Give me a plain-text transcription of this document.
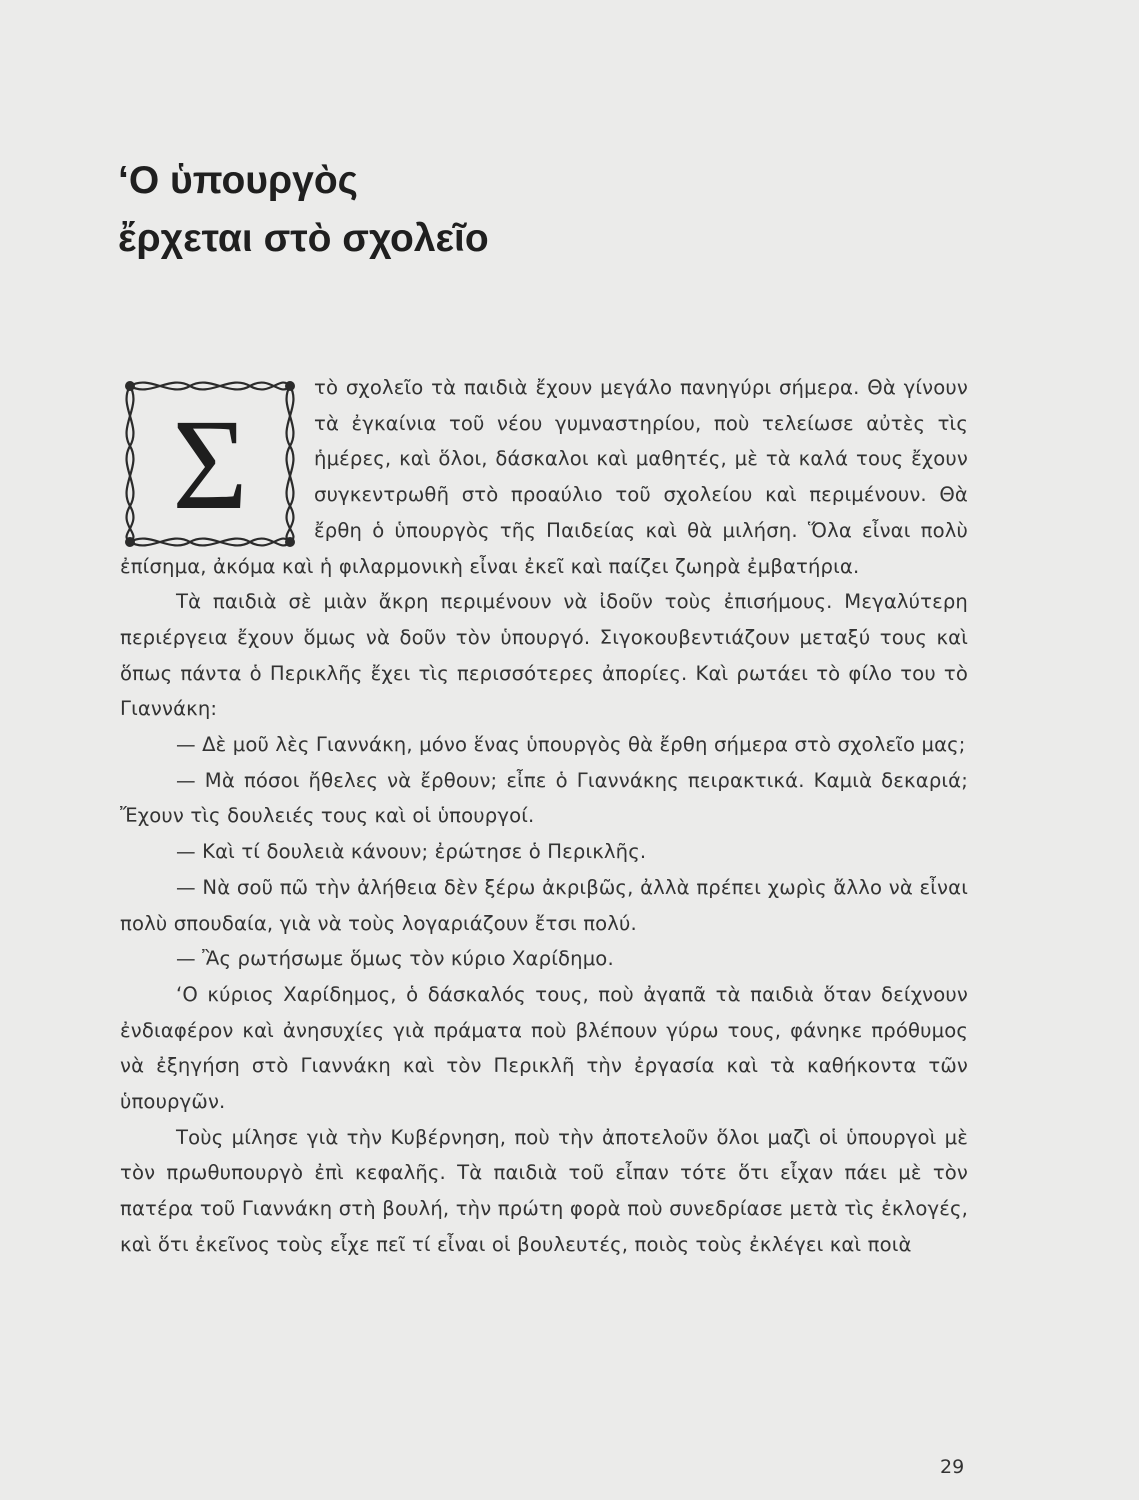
‘Ο ὑπουργὸς
ἔρχεται στὸ σχολεῖο
Σ

τὸ σχολεῖο τὰ παιδιὰ ἔχουν μεγάλο πανηγύρι σήμερα. Θὰ γίνουν τὰ ἐγκαίνια τοῦ νέου γυμναστηρίου, ποὺ τελείωσε αὐτὲς τὶς ἡμέρες, καὶ ὅλοι, δάσκαλοι καὶ μαθητές, μὲ τὰ καλά τους ἔχουν συγκεντρωθῆ στὸ προαύλιο τοῦ σχολείου καὶ περιμένουν. Θὰ ἔρθη ὁ ὑπουργὸς τῆς Παιδείας καὶ θὰ μιλήση. Ὅλα εἶναι πολὺ ἐπίσημα, ἀκόμα καὶ ἡ φιλαρμονικὴ εἶναι ἐκεῖ καὶ παίζει ζωηρὰ ἐμβατήρια.

Τὰ παιδιὰ σὲ μιὰν ἄκρη περιμένουν νὰ ἰδοῦν τοὺς ἐπισήμους. Μεγαλύτερη περιέργεια ἔχουν ὅμως νὰ δοῦν τὸν ὑπουργό. Σιγοκουβεντιάζουν μεταξύ τους καὶ ὅπως πάντα ὁ Περικλῆς ἔχει τὶς περισσότερες ἀπορίες. Καὶ ρωτάει τὸ φίλο του τὸ Γιαννάκη:

— Δὲ μοῦ λὲς Γιαννάκη, μόνο ἕνας ὑπουργὸς θὰ ἔρθη σήμερα στὸ σχολεῖο μας;

— Μὰ πόσοι ἤθελες νὰ ἔρθουν; εἶπε ὁ Γιαννάκης πειρακτικά. Καμιὰ δεκαριά; Ἔχουν τὶς δουλειές τους καὶ οἱ ὑπουργοί.

— Καὶ τί δουλειὰ κάνουν; ἐρώτησε ὁ Περικλῆς.

— Νὰ σοῦ πῶ τὴν ἀλήθεια δὲν ξέρω ἀκριβῶς, ἀλλὰ πρέπει χωρὶς ἄλλο νὰ εἶναι πολὺ σπουδαία, γιὰ νὰ τοὺς λογαριάζουν ἔτσι πολύ.

— Ἂς ρωτήσωμε ὅμως τὸν κύριο Χαρίδημο.

‘Ο κύριος Χαρίδημος, ὁ δάσκαλός τους, ποὺ ἀγαπᾶ τὰ παιδιὰ ὅταν δείχνουν ἐνδιαφέρον καὶ ἀνησυχίες γιὰ πράματα ποὺ βλέπουν γύρω τους, φάνηκε πρόθυμος νὰ ἐξηγήση στὸ Γιαννάκη καὶ τὸν Περικλῆ τὴν ἐργασία καὶ τὰ καθήκοντα τῶν ὑπουργῶν.

Τοὺς μίλησε γιὰ τὴν Κυβέρνηση, ποὺ τὴν ἀποτελοῦν ὅλοι μαζὶ οἱ ὑπουργοὶ μὲ τὸν πρωθυπουργὸ ἐπὶ κεφαλῆς. Τὰ παιδιὰ τοῦ εἶπαν τότε ὅτι εἶχαν πάει μὲ τὸν πατέρα τοῦ Γιαννάκη στὴ βουλή, τὴν πρώτη φορὰ ποὺ συνεδρίασε μετὰ τὶς ἐκλογές, καὶ ὅτι ἐκεῖνος τοὺς εἶχε πεῖ τί εἶναι οἱ βουλευτές, ποιὸς τοὺς ἐκλέγει καὶ ποιὰ

29
